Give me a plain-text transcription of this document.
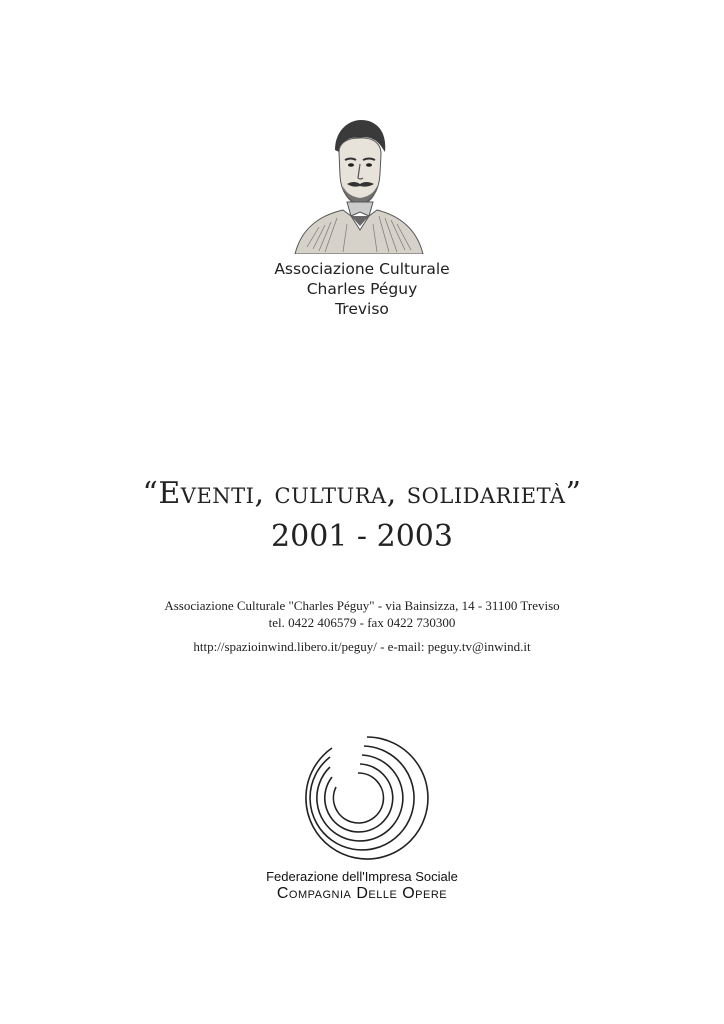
Associazione Culturale
Charles Péguy
Treviso
“Eventi, cultura, solidarietà”
2001 - 2003
Associazione Culturale "Charles Péguy" - via Bainsizza, 14 - 31100 Treviso
tel. 0422 406579 - fax 0422 730300
http://spazioinwind.libero.it/peguy/ - e-mail: peguy.tv@inwind.it
Federazione dell'Impresa Sociale
Compagnia Delle Opere
